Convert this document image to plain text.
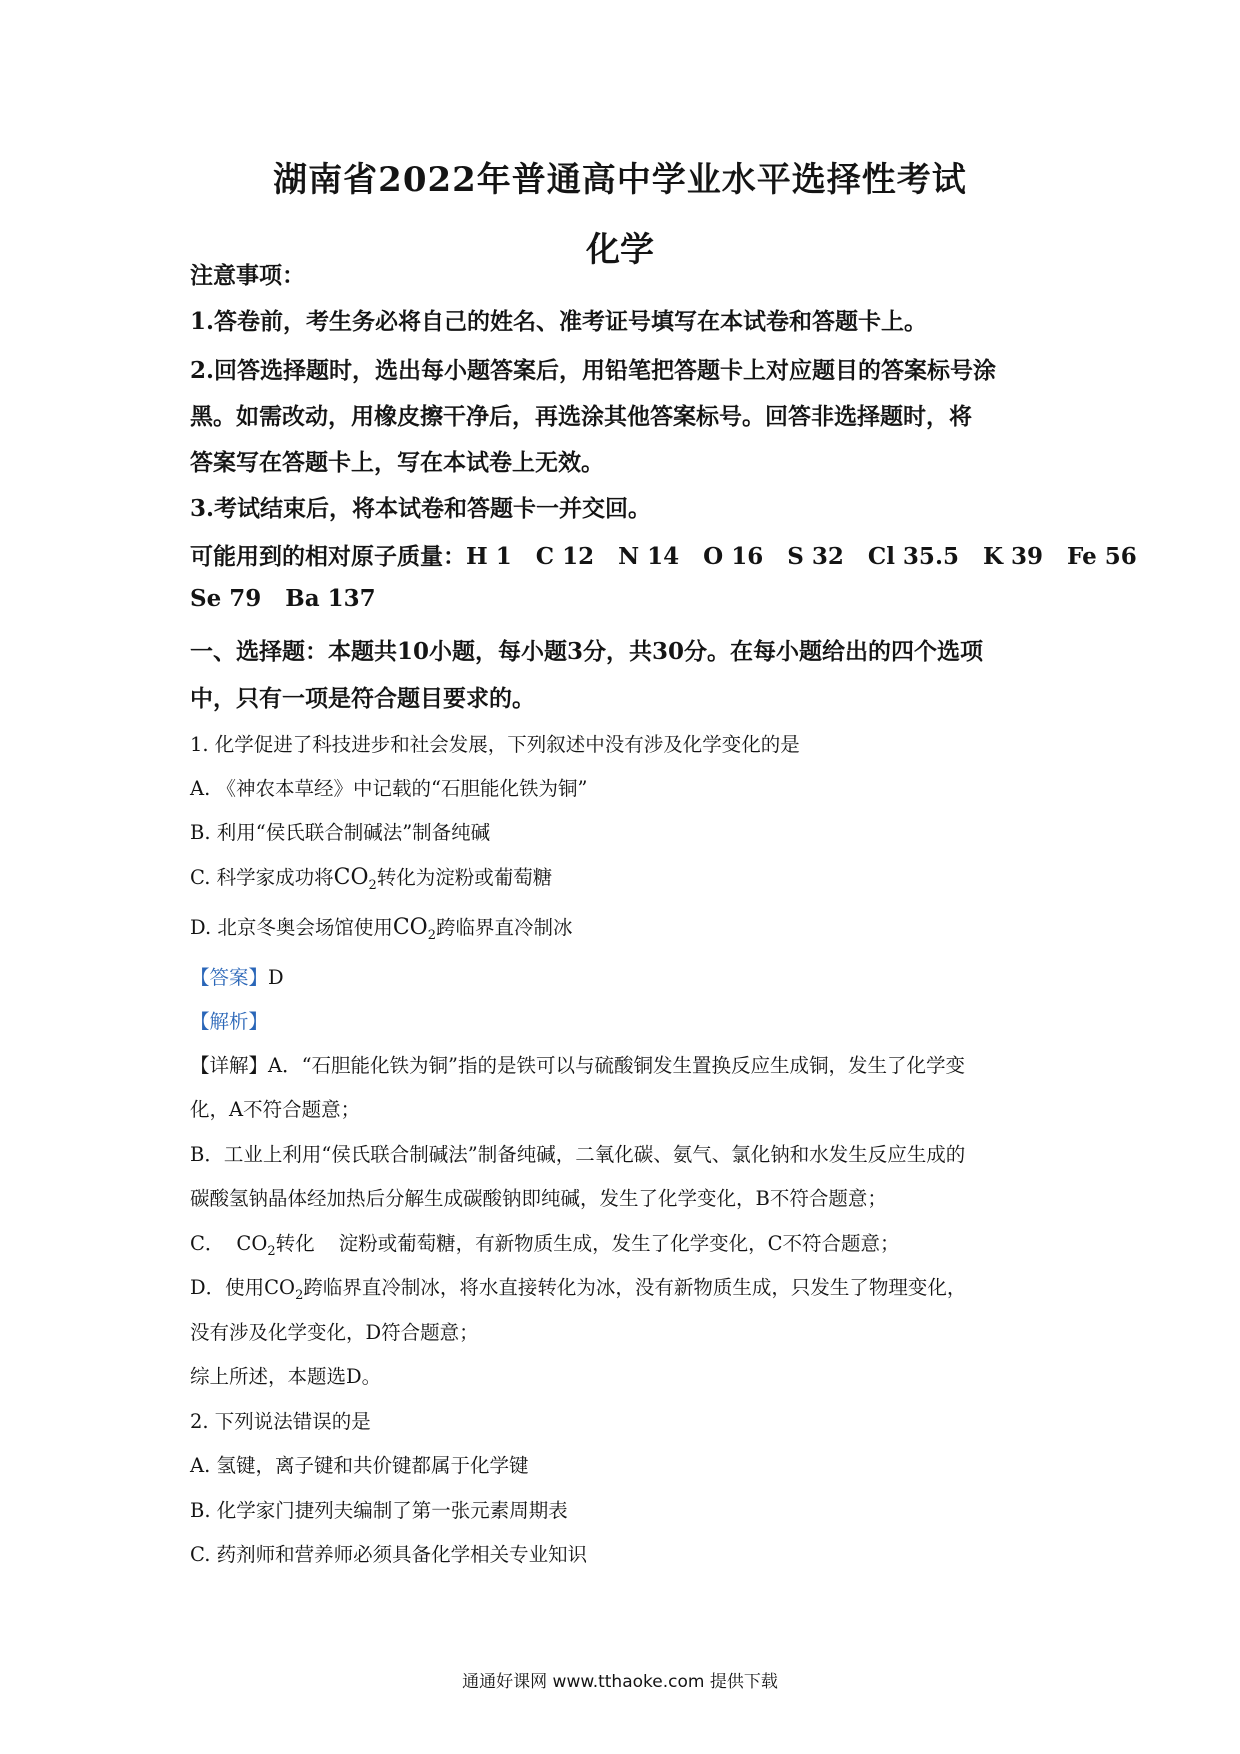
湖南省2022年普通高中学业水平选择性考试
化学
注意事项：
1.答卷前，考生务必将自己的姓名、准考证号填写在本试卷和答题卡上。
2.回答选择题时，选出每小题答案后，用铅笔把答题卡上对应题目的答案标号涂
黑。如需改动，用橡皮擦干净后，再选涂其他答案标号。回答非选择题时，将
答案写在答题卡上，写在本试卷上无效。
3.考试结束后，将本试卷和答题卡一并交回。
可能用到的相对原子质量：H 1   C 12   N 14   O 16   S 32   Cl 35.5   K 39   Fe 56
Se 79   Ba 137
一、选择题：本题共10小题，每小题3分，共30分。在每小题给出的四个选项
中，只有一项是符合题目要求的。
1. 化学促进了科技进步和社会发展，下列叙述中没有涉及化学变化的是
A. 《神农本草经》中记载的“石胆能化铁为铜”
B. 利用“侯氏联合制碱法”制备纯碱
C. 科学家成功将$CO_2$转化为淀粉或葡萄糖
D. 北京冬奥会场馆使用$CO_2$跨临界直冷制冰
【答案】D
【解析】
【详解】A．“石胆能化铁为铜”指的是铁可以与硫酸铜发生置换反应生成铜，发生了化学变
化，A不符合题意；
B．工业上利用“侯氏联合制碱法”制备纯碱，二氧化碳、氨气、氯化钠和水发生反应生成的
碳酸氢钠晶体经加热后分解生成碳酸钠即纯碱，发生了化学变化，B不符合题意；
C． $CO_2$转化 淀粉或葡萄糖，有新物质生成，发生了化学变化，C不符合题意；
D．使用$CO_2$跨临界直冷制冰，将水直接转化为冰，没有新物质生成，只发生了物理变化，
没有涉及化学变化，D符合题意；
综上所述，本题选D。
2. 下列说法错误的是
A. 氢键，离子键和共价键都属于化学键
B. 化学家门捷列夫编制了第一张元素周期表
C. 药剂师和营养师必须具备化学相关专业知识
通通好课网 www.tthaoke.com 提供下载
